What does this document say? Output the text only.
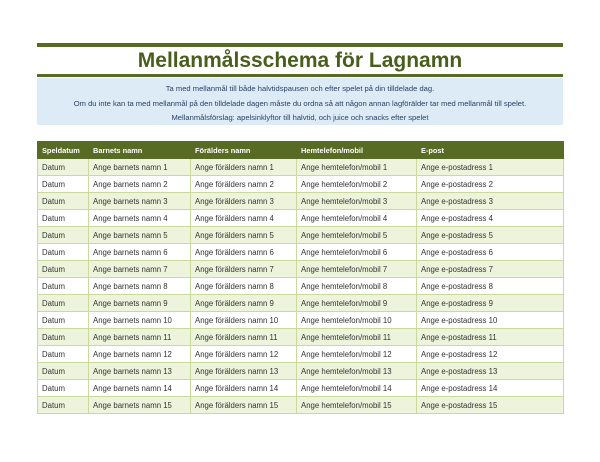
Mellanmålsschema för Lagnamn
Ta med mellanmål till både halvtidspausen och efter spelet på din tilldelade dag.
Om du inte kan ta med mellanmål på den tilldelade dagen måste du ordna så att någon annan lagförälder tar med mellanmål till spelet.
Mellanmålsförslag: apelsinklyftor till halvtid, och juice och snacks efter spelet
Speldatum	Barnets namn	Förälders namn	Hemtelefon/mobil	E-post
Datum	Ange barnets namn 1	Ange förälders namn 1	Ange hemtelefon/mobil 1	Ange e-postadress 1
Datum	Ange barnets namn 2	Ange förälders namn 2	Ange hemtelefon/mobil 2	Ange e-postadress 2
Datum	Ange barnets namn 3	Ange förälders namn 3	Ange hemtelefon/mobil 3	Ange e-postadress 3
Datum	Ange barnets namn 4	Ange förälders namn 4	Ange hemtelefon/mobil 4	Ange e-postadress 4
Datum	Ange barnets namn 5	Ange förälders namn 5	Ange hemtelefon/mobil 5	Ange e-postadress 5
Datum	Ange barnets namn 6	Ange förälders namn 6	Ange hemtelefon/mobil 6	Ange e-postadress 6
Datum	Ange barnets namn 7	Ange förälders namn 7	Ange hemtelefon/mobil 7	Ange e-postadress 7
Datum	Ange barnets namn 8	Ange förälders namn 8	Ange hemtelefon/mobil 8	Ange e-postadress 8
Datum	Ange barnets namn 9	Ange förälders namn 9	Ange hemtelefon/mobil 9	Ange e-postadress 9
Datum	Ange barnets namn 10	Ange förälders namn 10	Ange hemtelefon/mobil 10	Ange e-postadress 10
Datum	Ange barnets namn 11	Ange förälders namn 11	Ange hemtelefon/mobil 11	Ange e-postadress 11
Datum	Ange barnets namn 12	Ange förälders namn 12	Ange hemtelefon/mobil 12	Ange e-postadress 12
Datum	Ange barnets namn 13	Ange förälders namn 13	Ange hemtelefon/mobil 13	Ange e-postadress 13
Datum	Ange barnets namn 14	Ange förälders namn 14	Ange hemtelefon/mobil 14	Ange e-postadress 14
Datum	Ange barnets namn 15	Ange förälders namn 15	Ange hemtelefon/mobil 15	Ange e-postadress 15
